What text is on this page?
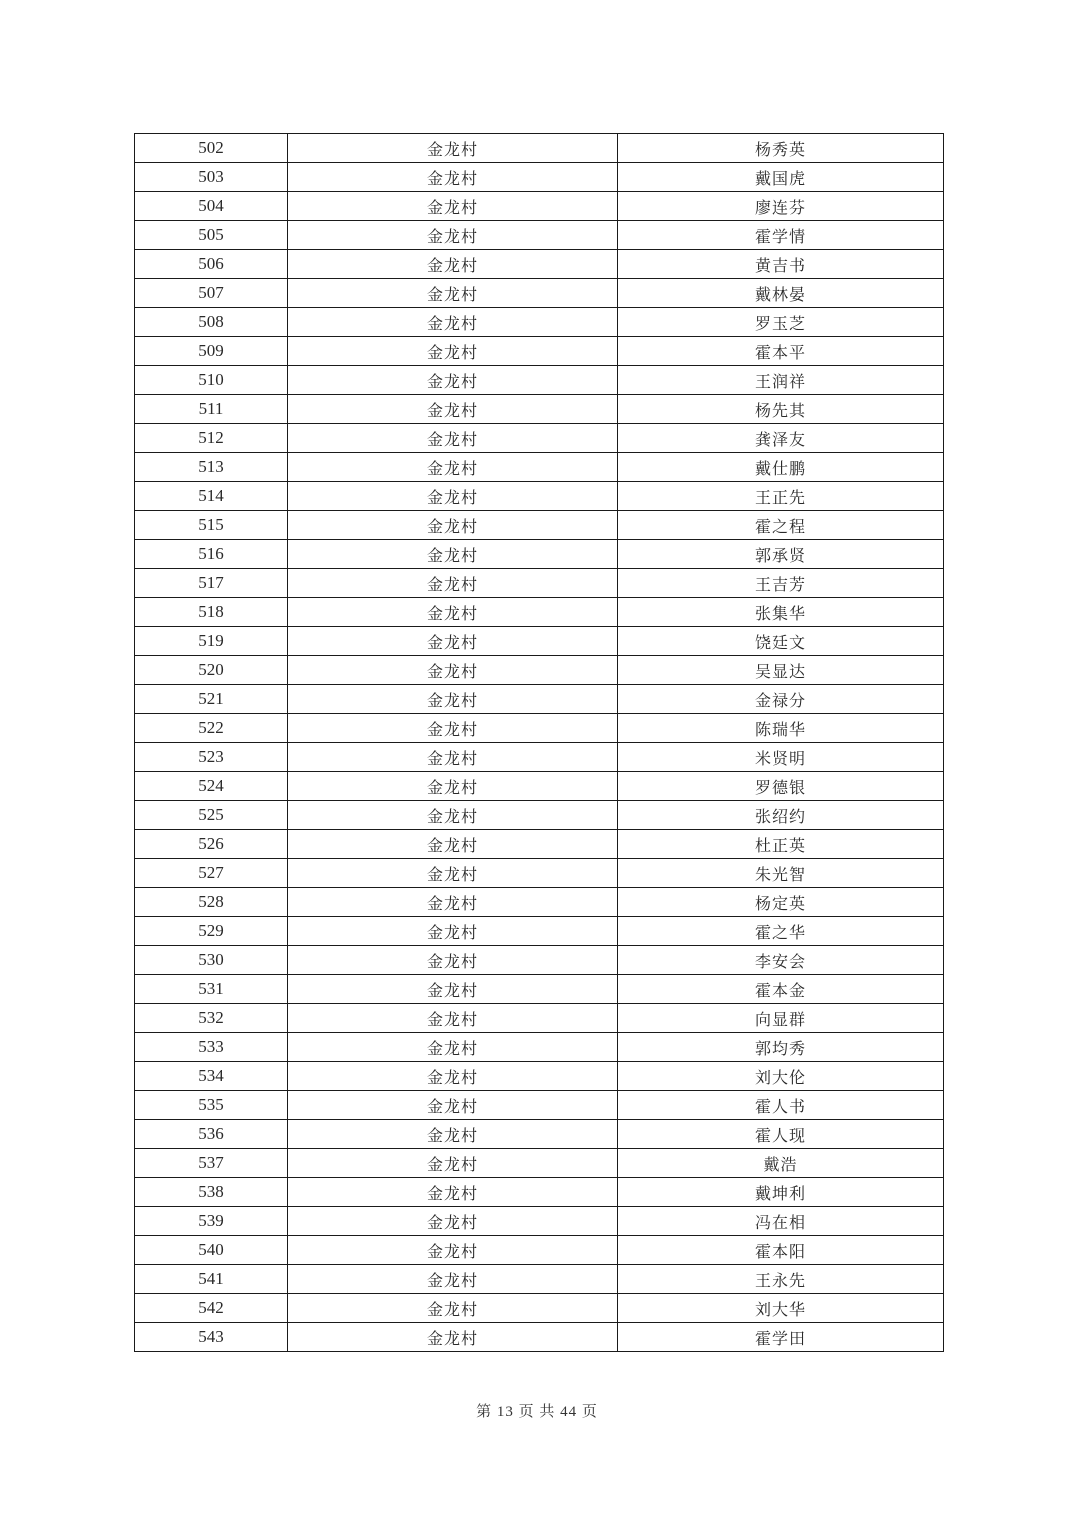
502	金龙村	杨秀英
503	金龙村	戴国虎
504	金龙村	廖连芬
505	金龙村	霍学情
506	金龙村	黄吉书
507	金龙村	戴林晏
508	金龙村	罗玉芝
509	金龙村	霍本平
510	金龙村	王润祥
511	金龙村	杨先其
512	金龙村	龚泽友
513	金龙村	戴仕鹏
514	金龙村	王正先
515	金龙村	霍之程
516	金龙村	郭承贤
517	金龙村	王吉芳
518	金龙村	张集华
519	金龙村	饶廷文
520	金龙村	吴显达
521	金龙村	金禄分
522	金龙村	陈瑞华
523	金龙村	米贤明
524	金龙村	罗德银
525	金龙村	张绍约
526	金龙村	杜正英
527	金龙村	朱光智
528	金龙村	杨定英
529	金龙村	霍之华
530	金龙村	李安会
531	金龙村	霍本金
532	金龙村	向显群
533	金龙村	郭均秀
534	金龙村	刘大伦
535	金龙村	霍人书
536	金龙村	霍人现
537	金龙村	戴浩
538	金龙村	戴坤利
539	金龙村	冯在相
540	金龙村	霍本阳
541	金龙村	王永先
542	金龙村	刘大华
543	金龙村	霍学田
第 13 页 共 44 页
